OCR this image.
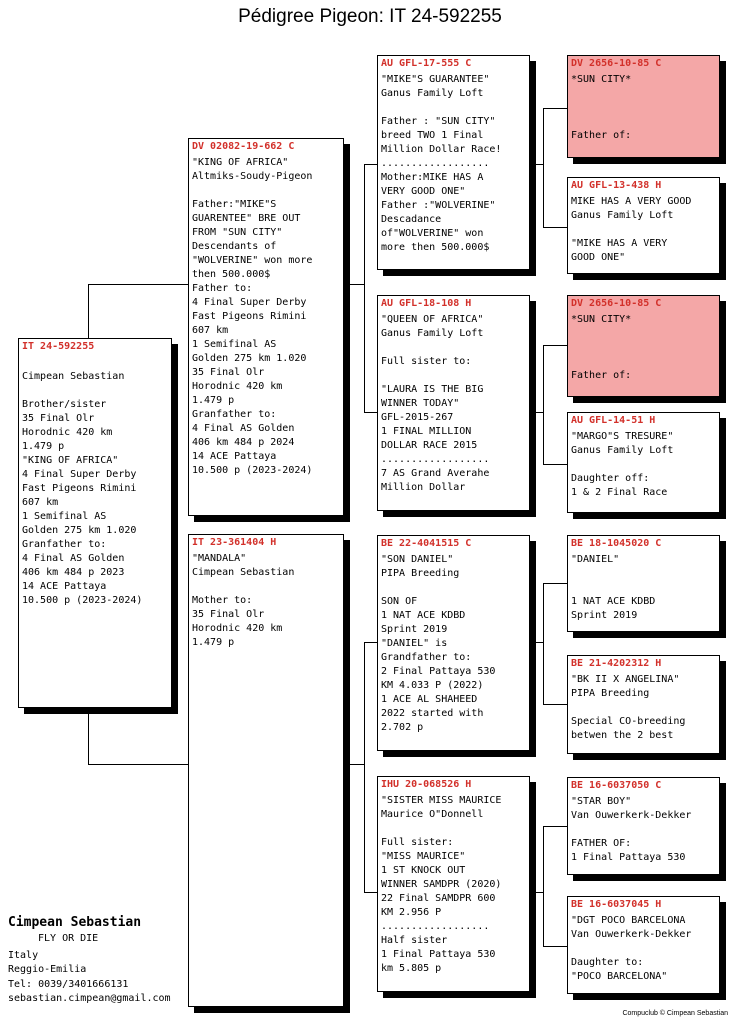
Pédigree Pigeon: IT 24-592255
IT 24-592255
Cimpean Sebastian
Brother/sister
35 Final Olr
Horodnic 420 km
1.479 p
"KING OF AFRICA"
4 Final Super Derby
Fast Pigeons Rimini
607 km
1 Semifinal AS
Golden 275 km 1.020
Granfather to:
4 Final AS Golden
406 km 484 p 2023
14 ACE Pattaya
10.500 p (2023-2024)
DV 02082-19-662 C
"KING OF AFRICA"
Altmiks-Soudy-Pigeon
Father:"MIKE"S
GUARENTEE" BRE OUT
FROM "SUN CITY"
Descendants of
"WOLVERINE" won more
then 500.000$
Father to:
4 Final Super Derby
Fast Pigeons Rimini
607 km
1 Semifinal AS
Golden 275 km 1.020
35 Final Olr
Horodnic 420 km
1.479 p
Granfather to:
4 Final AS Golden
406 km 484 p 2024
14 ACE Pattaya
10.500 p (2023-2024)
IT 23-361404 H
"MANDALA"
Cimpean Sebastian
Mother to:
35 Final Olr
Horodnic 420 km
1.479 p
AU GFL-17-555 C
"MIKE"S GUARANTEE"
Ganus Family Loft
Father : "SUN CITY"
breed TWO 1 Final
Million Dollar Race!
..................
Mother:MIKE HAS A
VERY GOOD ONE"
Father :"WOLVERINE"
Descadance
of"WOLVERINE" won
more then 500.000$
AU GFL-18-108 H
"QUEEN OF AFRICA"
Ganus Family Loft
Full sister to:
"LAURA IS THE BIG
WINNER TODAY"
GFL-2015-267
1 FINAL MILLION
DOLLAR RACE 2015
..................
7 AS Grand Averahe
Million Dollar
BE 22-4041515 C
"SON DANIEL"
PIPA Breeding
SON OF
1 NAT ACE KDBD
Sprint 2019
"DANIEL" is
Grandfather to:
2 Final Pattaya 530
KM 4.033 P (2022)
1 ACE AL SHAHEED
2022 started with
2.702 p
IHU 20-068526 H
"SISTER MISS MAURICE
Maurice O"Donnell
Full sister:
"MISS MAURICE"
1 ST KNOCK OUT
WINNER SAMDPR (2020)
22 Final SAMDPR 600
KM 2.956 P
..................
Half sister
1 Final Pattaya 530
km 5.805 p
DV 2656-10-85 C
*SUN CITY*
Father of:
AU GFL-13-438 H
MIKE HAS A VERY GOOD
Ganus Family Loft
"MIKE HAS A VERY
GOOD ONE"
DV 2656-10-85 C
*SUN CITY*
Father of:
AU GFL-14-51 H
"MARGO"S TRESURE"
Ganus Family Loft
Daughter off:
1 & 2 Final Race
BE 18-1045020 C
"DANIEL"
1 NAT ACE KDBD
Sprint 2019
BE 21-4202312 H
"BK II X ANGELINA"
PIPA Breeding
Special CO-breeding
betwen the 2 best
BE 16-6037050 C
"STAR BOY"
Van Ouwerkerk-Dekker
FATHER OF:
1 Final Pattaya 530
BE 16-6037045 H
"DGT POCO BARCELONA
Van Ouwerkerk-Dekker
Daughter to:
"POCO BARCELONA"
Cimpean Sebastian
FLY OR DIE
Italy
Reggio-Emilia
Tel: 0039/3401666131
sebastian.cimpean@gmail.com
Compuclub © Cimpean Sebastian
